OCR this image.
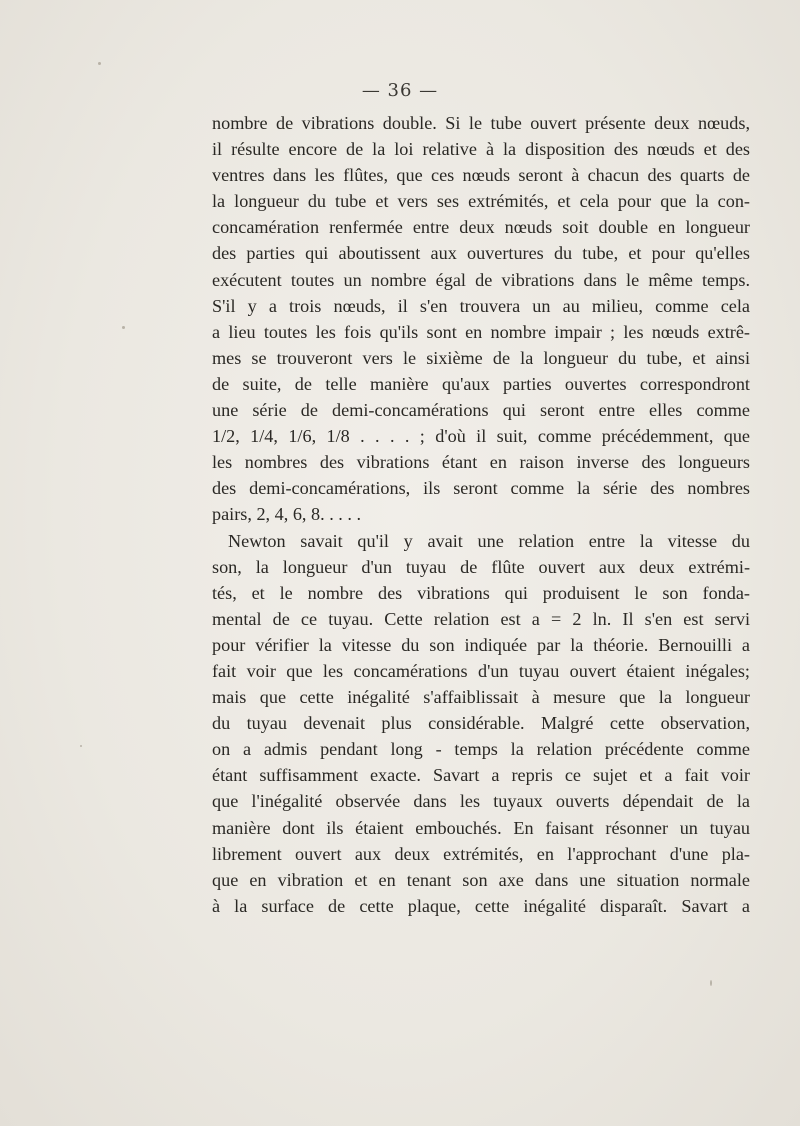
— 36 —
nombre de vibrations double. Si le tube ouvert présente deux nœuds,
il résulte encore de la loi relative à la disposition des nœuds et des
ventres dans les flûtes, que ces nœuds seront à chacun des quarts de
la longueur du tube et vers ses extrémités, et cela pour que la con-
concamération renfermée entre deux nœuds soit double en longueur
des parties qui aboutissent aux ouvertures du tube, et pour qu'elles
exécutent toutes un nombre égal de vibrations dans le même temps.
S'il y a trois nœuds, il s'en trouvera un au milieu, comme cela
a lieu toutes les fois qu'ils sont en nombre impair ; les nœuds extrê-
mes se trouveront vers le sixième de la longueur du tube, et ainsi
de suite, de telle manière qu'aux parties ouvertes correspondront
une série de demi-concamérations qui seront entre elles comme
1/2, 1/4, 1/6, 1/8 . . . . ; d'où il suit, comme précédemment, que
les nombres des vibrations étant en raison inverse des longueurs
des demi-concamérations, ils seront comme la série des nombres
pairs, 2, 4, 6, 8. . . . .
Newton savait qu'il y avait une relation entre la vitesse du
son, la longueur d'un tuyau de flûte ouvert aux deux extrémi-
tés, et le nombre des vibrations qui produisent le son fonda-
mental de ce tuyau. Cette relation est a = 2 ln. Il s'en est servi
pour vérifier la vitesse du son indiquée par la théorie. Bernouilli a
fait voir que les concamérations d'un tuyau ouvert étaient inégales;
mais que cette inégalité s'affaiblissait à mesure que la longueur
du tuyau devenait plus considérable. Malgré cette observation,
on a admis pendant long - temps la relation précédente comme
étant suffisamment exacte. Savart a repris ce sujet et a fait voir
que l'inégalité observée dans les tuyaux ouverts dépendait de la
manière dont ils étaient embouchés. En faisant résonner un tuyau
librement ouvert aux deux extrémités, en l'approchant d'une pla-
que en vibration et en tenant son axe dans une situation normale
à la surface de cette plaque, cette inégalité disparaît. Savart a
